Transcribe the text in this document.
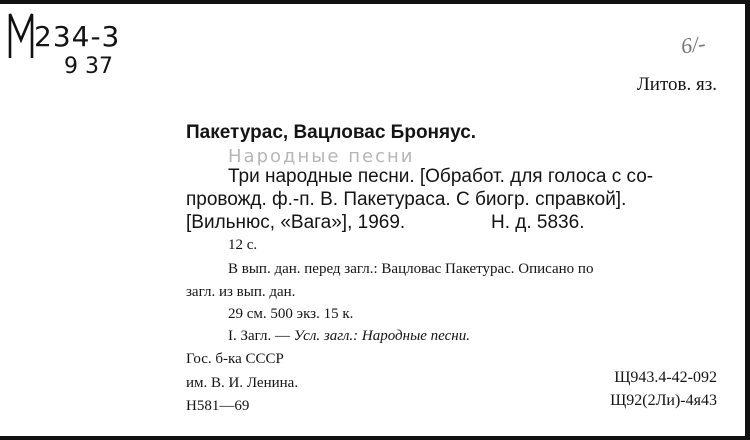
234-3
9 37
6/-
Литов. яз.
Пакетурас, Вацловас Броняус.
Народные песни
Три народные песни. [Обработ. для голоса с со-
провожд. ф.-п. В. Пакетураса. С биогр. справкой].
[Вильнюс, «Вага»], 1969.	Н. д. 5836.
12 с.
В вып. дан. перед загл.: Вацловас Пакетурас. Описано по
загл. из вып. дан.
29 см. 500 экз. 15 к.
I. Загл. — Усл. загл.: Народные песни.
Гос. б-ка СССР
им. В. И. Ленина.
Н581—69
Щ943.4-42-092
Щ92(2Ли)-4я43
